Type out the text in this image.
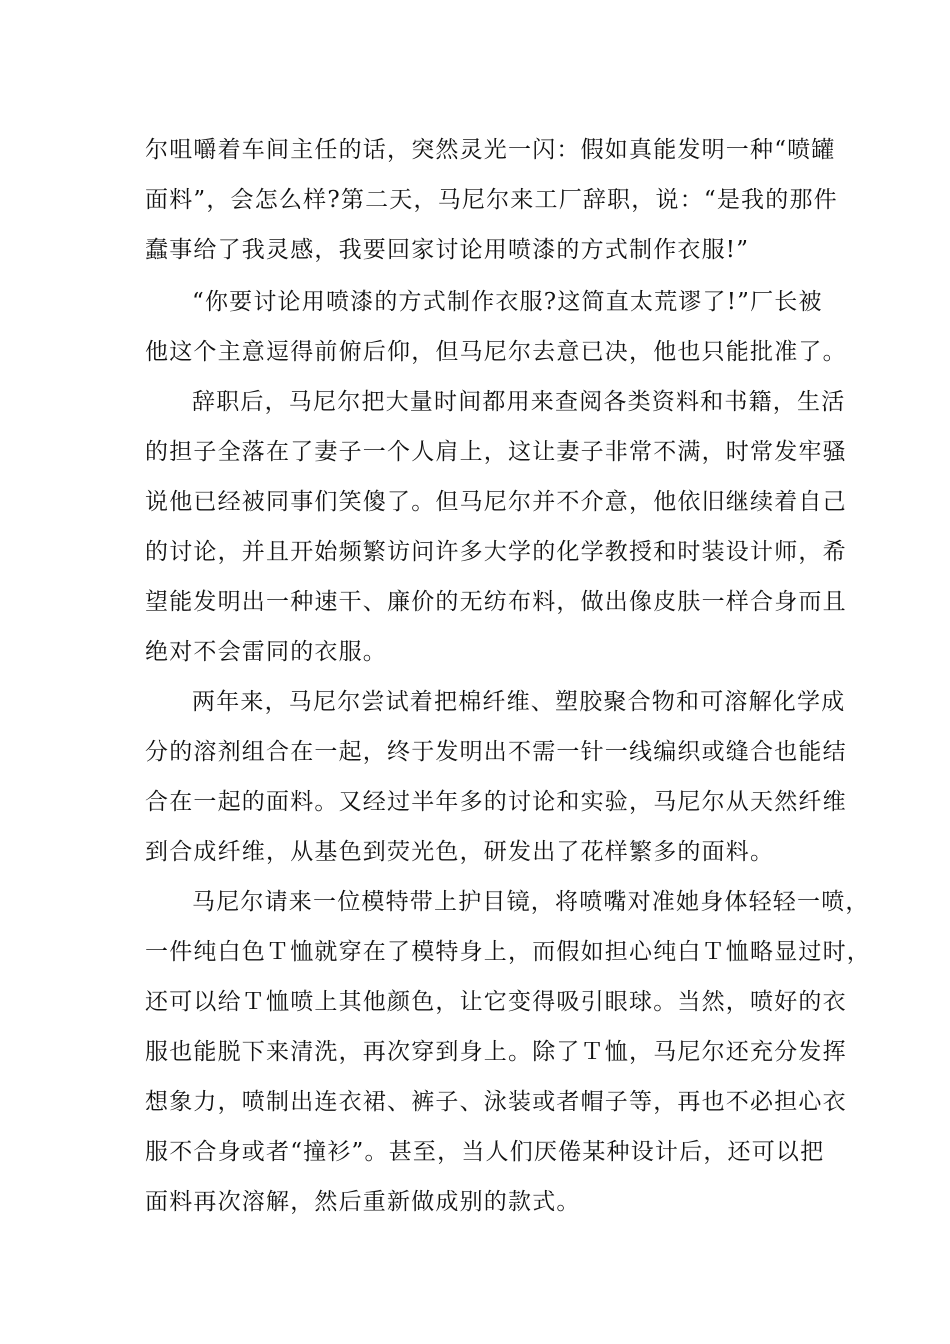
尔咀嚼着车间主任的话，突然灵光一闪：假如真能发明一种“喷罐
面料”，会怎么样?第二天，马尼尔来工厂辞职，说：“是我的那件
蠢事给了我灵感，我要回家讨论用喷漆的方式制作衣服!”
“你要讨论用喷漆的方式制作衣服?这简直太荒谬了!”厂长被
他这个主意逗得前俯后仰，但马尼尔去意已决，他也只能批准了。
辞职后，马尼尔把大量时间都用来查阅各类资料和书籍，生活
的担子全落在了妻子一个人肩上，这让妻子非常不满，时常发牢骚
说他已经被同事们笑傻了。但马尼尔并不介意，他依旧继续着自己
的讨论，并且开始频繁访问许多大学的化学教授和时装设计师，希
望能发明出一种速干、廉价的无纺布料，做出像皮肤一样合身而且
绝对不会雷同的衣服。
两年来，马尼尔尝试着把棉纤维、塑胶聚合物和可溶解化学成
分的溶剂组合在一起，终于发明出不需一针一线编织或缝合也能结
合在一起的面料。又经过半年多的讨论和实验，马尼尔从天然纤维
到合成纤维，从基色到荧光色，研发出了花样繁多的面料。
马尼尔请来一位模特带上护目镜，将喷嘴对准她身体轻轻一喷，
一件纯白色Ｔ恤就穿在了模特身上，而假如担心纯白Ｔ恤略显过时，
还可以给Ｔ恤喷上其他颜色，让它变得吸引眼球。当然，喷好的衣
服也能脱下来清洗，再次穿到身上。除了Ｔ恤，马尼尔还充分发挥
想象力，喷制出连衣裙、裤子、泳装或者帽子等，再也不必担心衣
服不合身或者“撞衫”。甚至，当人们厌倦某种设计后，还可以把
面料再次溶解，然后重新做成别的款式。
